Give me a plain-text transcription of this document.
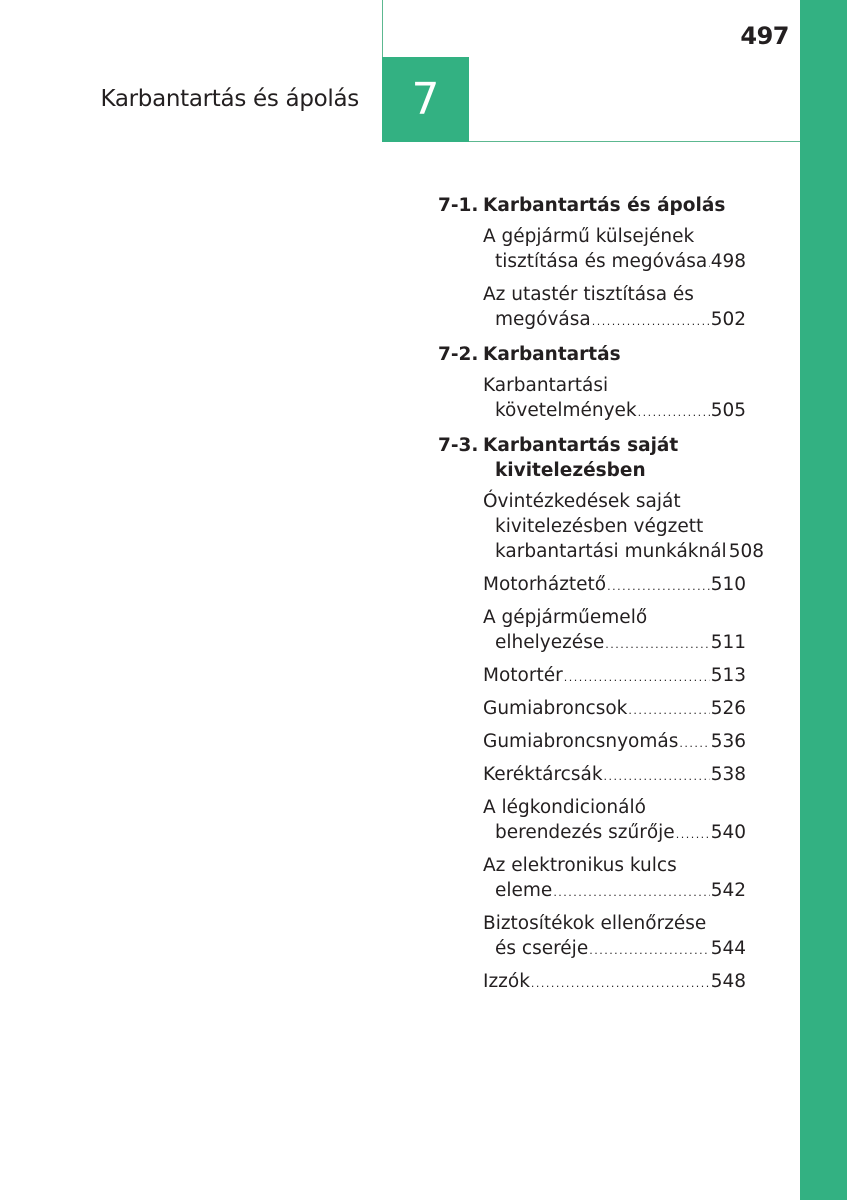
497
Karbantartás és ápolás 7
7-1. Karbantartás és ápolás
A gépjármű külsejének
tisztítása és megóvása ..... 498
Az utastér tisztítása és
megóvása .....	502
7-2. Karbantartás
Karbantartási
követelmények .....	505
7-3. Karbantartás saját
kivitelezésben
Óvintézkedések saját
kivitelezésben végzett
karbantartási munkáknál 508
Motorháztető .....	510
A gépjárműemelő
elhelyezése .....	511
Motortér .....	513
Gumiabroncsok .....	526
Gumiabroncsnyomás ..... 536
Keréktárcsák .....	538
A légkondicionáló
berendezés szűrője ..... 540
Az elektronikus kulcs
eleme .....	542
Biztosítékok ellenőrzése
és cseréje .....	544
Izzók .....	548
